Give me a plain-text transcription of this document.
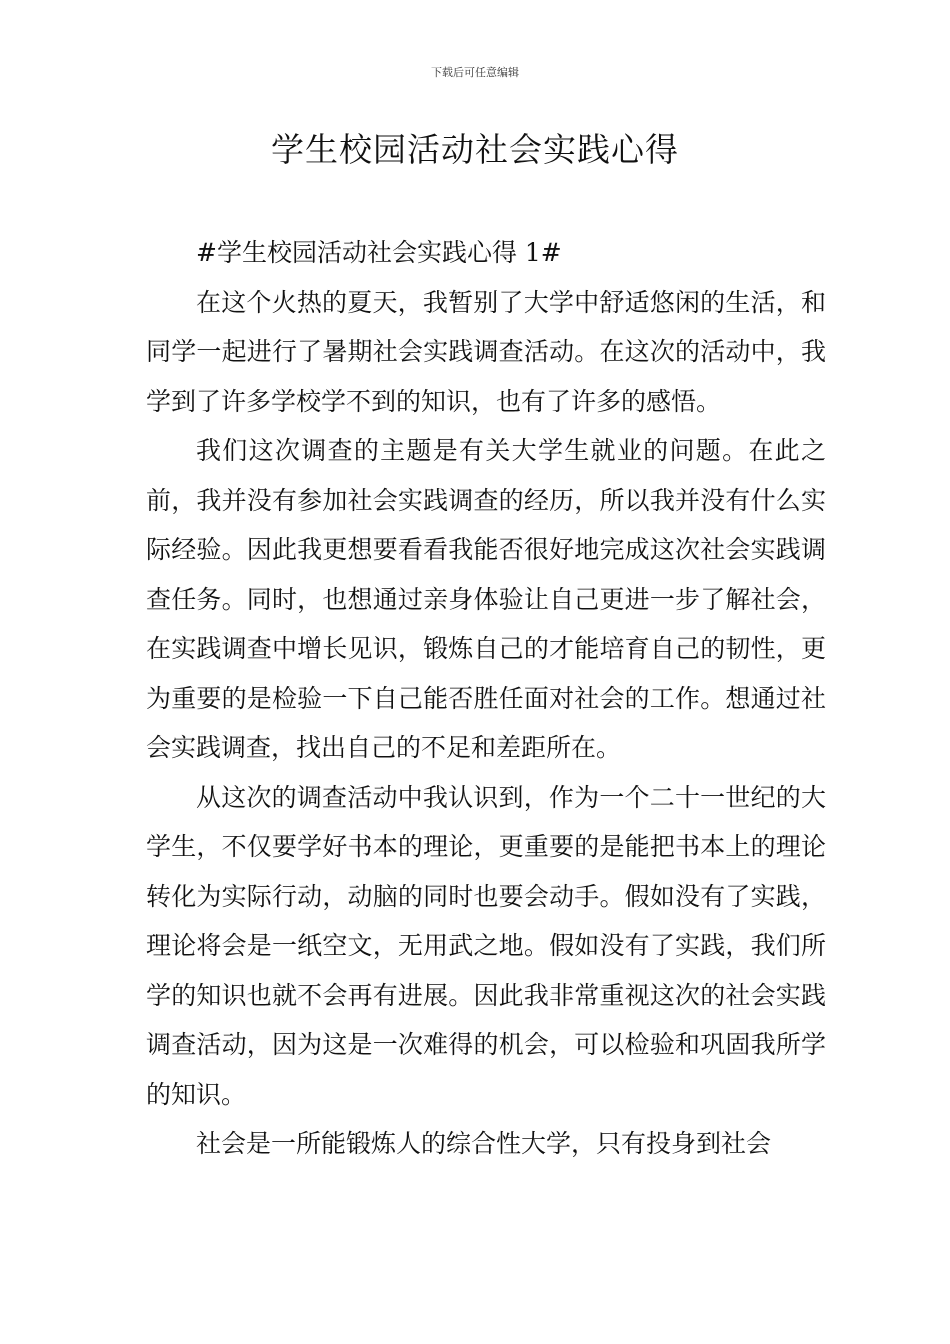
下载后可任意编辑
学生校园活动社会实践心得

#学生校园活动社会实践心得 1#

在这个火热的夏天，我暂别了大学中舒适悠闲的生活，和同学一起进行了暑期社会实践调查活动。在这次的活动中，我学到了许多学校学不到的知识，也有了许多的感悟。

我们这次调查的主题是有关大学生就业的问题。在此之前，我并没有参加社会实践调查的经历，所以我并没有什么实际经验。因此我更想要看看我能否很好地完成这次社会实践调查任务。同时，也想通过亲身体验让自己更进一步了解社会，在实践调查中增长见识，锻炼自己的才能培育自己的韧性，更为重要的是检验一下自己能否胜任面对社会的工作。想通过社会实践调查，找出自己的不足和差距所在。

从这次的调查活动中我认识到，作为一个二十一世纪的大学生，不仅要学好书本的理论，更重要的是能把书本上的理论转化为实际行动，动脑的同时也要会动手。假如没有了实践，理论将会是一纸空文，无用武之地。假如没有了实践，我们所学的知识也就不会再有进展。因此我非常重视这次的社会实践调查活动，因为这是一次难得的机会，可以检验和巩固我所学的知识。

社会是一所能锻炼人的综合性大学，只有投身到社会
